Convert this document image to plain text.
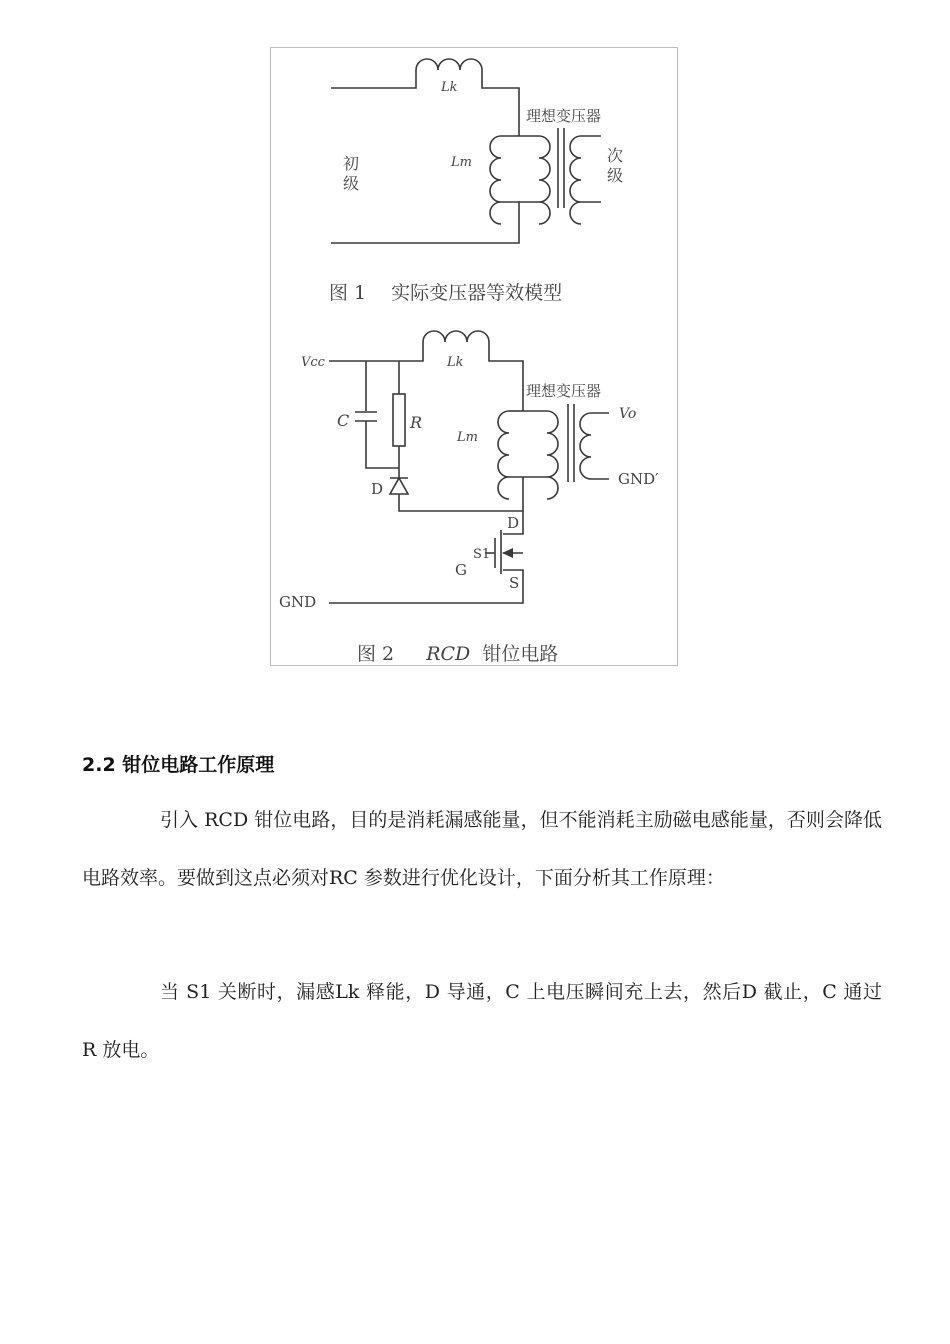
Lk
Lm
理想变压器
初
级
次
级
图 1　 实际变压器等效模型
Vcc	Lk
理想变压器
Vo
C	R
Lm
GND′
D
D
S1
G
S
GND
图 2 RCD 钳位电路
2.2 钳位电路工作原理

引入 RCD 钳位电路，目的是消耗漏感能量，但不能消耗主励磁电感能量，否则会降低电路效率。要做到这点必须对RC 参数进行优化设计，下面分析其工作原理：

当 S1 关断时，漏感Lk 释能，D 导通，C 上电压瞬间充上去，然后D 截止，C 通过 R 放电。
